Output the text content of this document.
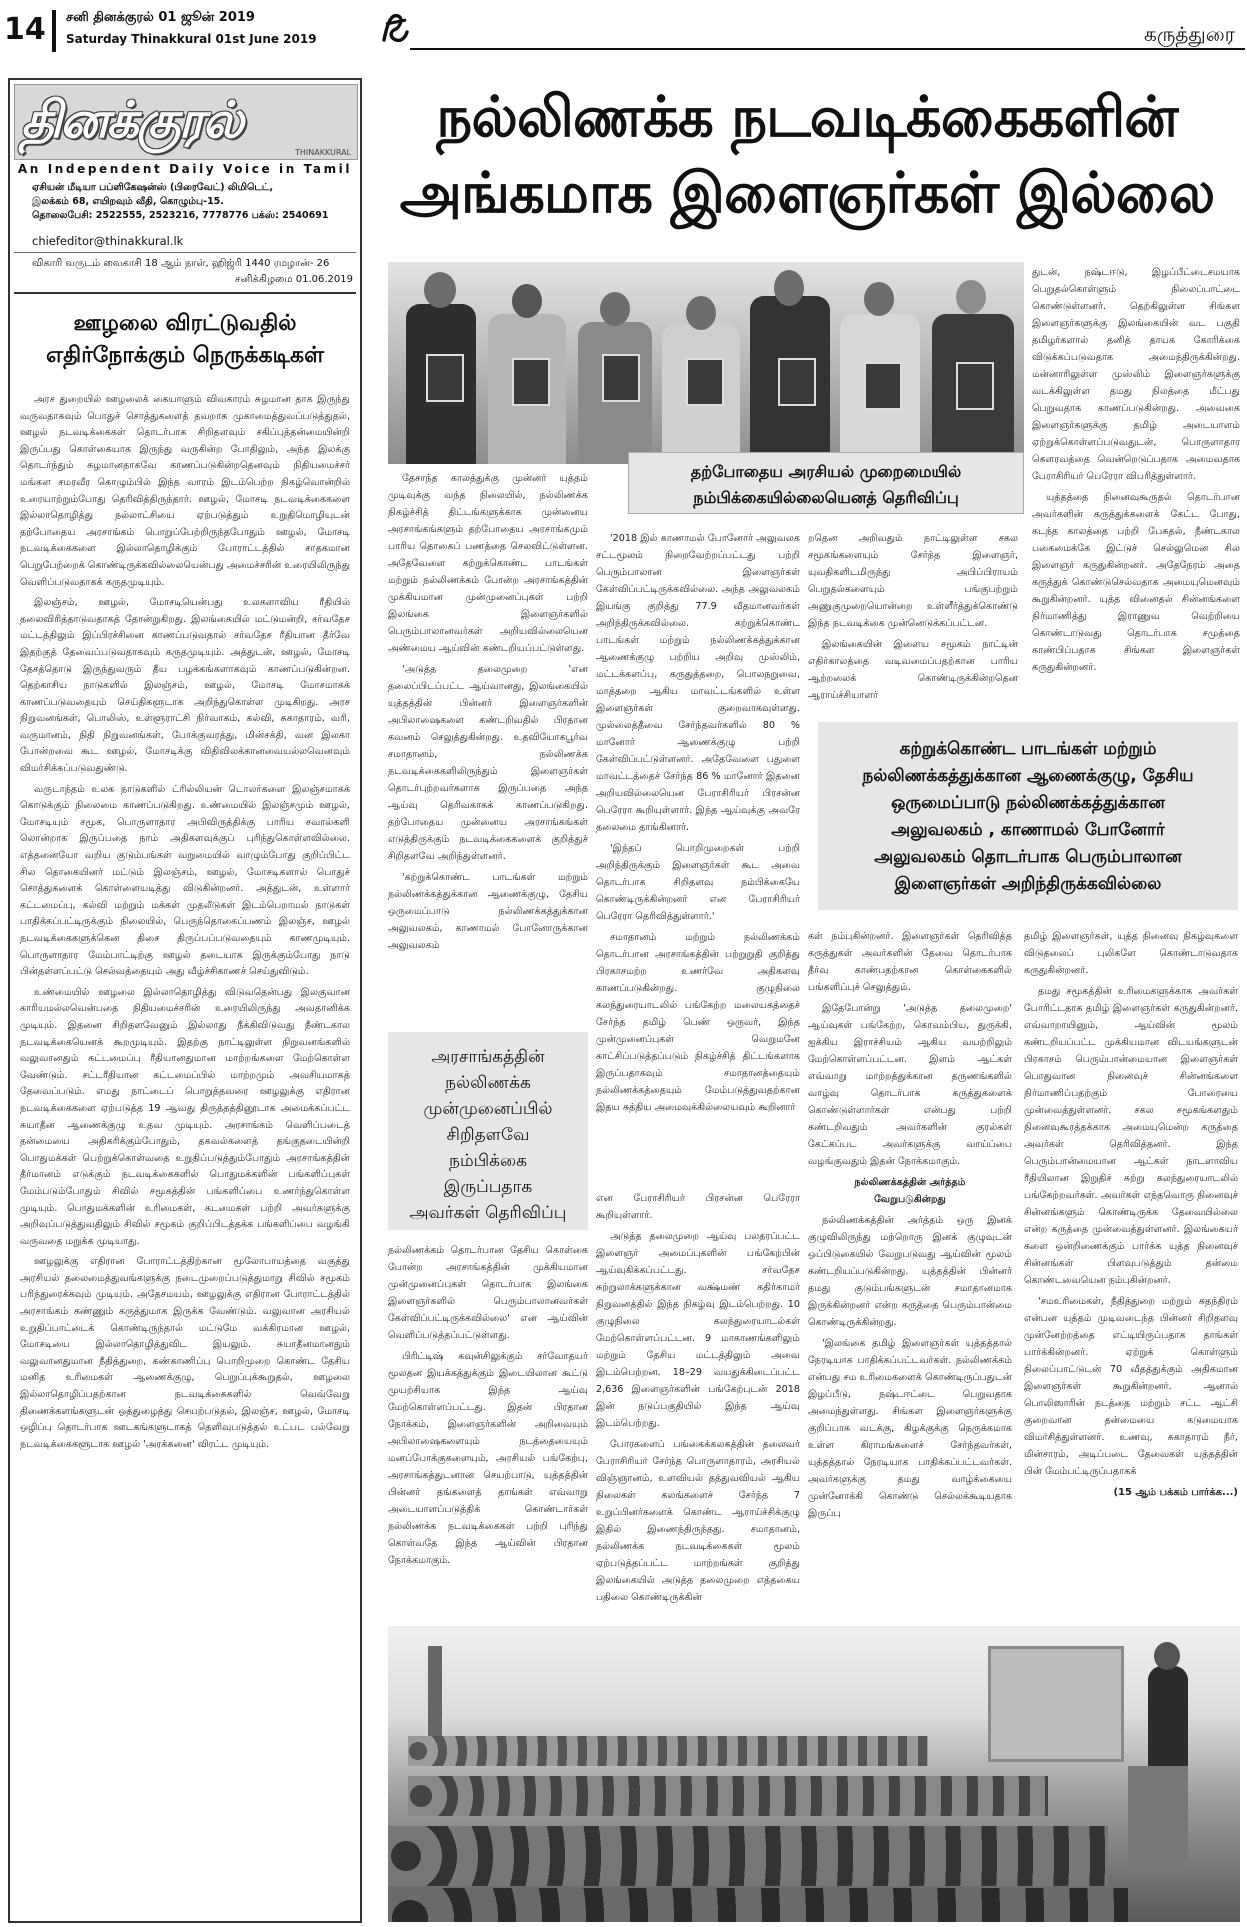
14 சனி தினக்குரல் 01 ஜூன் 2019
Saturday Thinakkural 01st June 2019	கருத்துரை
தினக்குரல்
THINAKKURAL
An Independent Daily Voice in Tamil
ஏசியன் மீடியா பப்ளிகேஷன்ஸ் (பிரைவேட்) லிமிடெட்,
இலக்கம் 68, எயிறவும் வீதி, கொழும்பு-15.
தொலைபேசி: 2522555, 2523216, 7778776 பக்ஸ்: 2540691
chiefeditor@thinakkural.lk
விகாரி வருடம் வைகாசி 18 ஆம் நாள், ஹிஜ்ரி 1440 ரமழான்- 26
சனிக்கிழமை 01.06.2019
ஊழலை விரட்டுவதில்
எதிர்நோக்கும் நெருக்கடிகள்

அரச துறையில் ஊழலைக் கையாளும் விவகாரம் சுழமான தாக இருந்து வருவதாகவும் பொதுச் சொத்துகளைத் தவறாக முகாமைத்துவப்படுத்துதல், ஊழல் நடவடிக்கைகள் தொடர்பாக சிறிதளவும் சகிப்புத்தன்மையின்றி இருப்பது கொள்கையாக இருந்து வருகின்ற போதிலும், அந்த இலக்கு தொடர்ந்தும் சுழமானதாகவே காணப்படுகின்றதெனவும் நிதியமைச்சர் மங்கள சமரவீர கொழும்பில் இந்த வாரம் இடம்பெற்ற நிகழ்வொன்றில் உரையாற்றும்போது தெரிவித்திருந்தார். ஊழல், மோசடி நடவடிக்கைகளை இல்லாதொழித்து நல்லாட்சியை ஏற்படுத்தும் உறுதிமொழியுடன் தற்போதைய அரசாங்கம் பொறுப்பேற்றிருந்தபோதும் ஊழல், மோசடி நடவடிக்கைகளை இல்லாதொழிக்கும் போராட்டத்தில் சாதகமான பெறுபேற்றைக் கொண்டிருக்கவில்லையென்பது அமைச்சரின் உரையிலிருந்து வெளிப்படுவதாகக் கருதமுடியும்.

இலஞ்சம், ஊழல், மோசடியென்பது உலகளாவிய ரீதியில் தலைவிரித்தாடுவதாகத் தோன்றுகிறது. இலங்கையில் மட்டுமன்றி, சர்வதேச மட்டத்திலும் இப்பிரச்சினை காணப்படுவதால் சர்வதேச ரீதியான தீர்வே இதற்குத் தேவைப்படுவதாகவும் கருதமுடியும். அத்துடன், ஊழல், மோசடி தேசத்தொடு இருந்துவரும் தீய பழக்கங்களாகவும் காணப்படுகின்றன. தெற்காசிய நாடுகளில் இலஞ்சம், ஊழல், மோசடி மோசமாகக் காணப்படுவதையும் செய்திகளூடாக அறிந்துகொள்ள முடிகிறது. அரச நிறுவனங்கள், பொலிஸ், உள்ளூராட்சி நிர்வாகம், கல்வி, சுகாதாரம், வரி, வருமானம், நிதி நிறுவனங்கள், போக்குவரத்து, மின்சக்தி, வன இலகா போன்றவை கூட ஊழல், மோசடிக்கு விதிவிலக்கானவையல்லவெனவும் விமர்சிக்கப்படுவதுண்டு.

வருடாந்தம் உலக நாடுகளில் ட்ரில்லியன் டொலர்களை இலஞ்சமாகக் கொடுக்கும் நிலைமை காணப்படுகிறது. உண்மையில் இலஞ்சமும் ஊழல், மோசடியும் சமூக, பொருளாதார அபிவிருத்திக்கு பாரிய சவால்களி லொன்றாக இருப்பதை நாம் அதிகளவுக்குப் புரிந்துகொள்ளவில்லை. எத்தனையோ வறிய குடும்பங்கள் வறுமையில் வாழும்போது குறிப்பிட்ட சில தொகையினர் மட்டும் இலஞ்சம், ஊழல், மோசடிகளால் பொதுச் சொத்துகளைக் கொள்ளையடித்து விடுகின்றனர். அத்துடன், உள்ளார் கட்டமைப்பு, கல்வி மற்றும் மக்கள் முதலீடுகள் இடம்பெறாமல் நாடுகள் பாதிக்கப்பட்டிருக்கும் நிலையில், பெருந்தொகைப்பணம் இலஞ்ச, ஊழல் நடவடிக்கைகளுக்கென திசை திருப்பப்படுவதையும் காணமுடியும். பொருளாதார மேம்பாட்டிற்கு ஊழல் தடையாக இருக்கும்போது நாடு பின்தள்ளப்பட்டு செல்வத்தையும் அது வீழ்ச்சிகாணச் செய்துவிடும்.

உண்மையில் ஊழலை இல்லாதொழித்து விடுவதென்பது இலகுவான காரியமல்லவென்பதை நிதியமைச்சரின் உரையிலிருந்து அவதானிக்க முடியும். இதனை சிறிதளவேனும் இல்லாது நீக்கிவிடுவது நீண்டகால நடவடிக்கையெனக் கூறமுடியும். இதற்கு நாட்டிலுள்ள நிறுவனங்களில் வலுவானதும் கட்டமைப்பு ரீதியானதுமான மாற்றங்களை மேற்கொள்ள வேண்டும். சட்டரீதியான கட்டமைப்பில் மாற்றமும் அவசியமாகத் தேவைப்படும். எமது நாட்டைப் பொறுத்தவரை ஊழலுக்கு எதிரான நடவடிக்கைகளை ஏற்படுத்த 19 ஆவது திருத்தத்தினூடாக அமைக்கப்பட்ட சுயாதீன ஆணைக்குழு உதவ முடியும். அரசாங்கம் வெளிப்படைத் தன்மையை அதிகரிக்கும்போதும், தகவல்களைத் தங்குதடையின்றி பொதுமக்கள் பெற்றுக்கொள்வதை உறுதிப்படுத்தும்போதும் அரசாங்கத்தின் தீர்மானம் எடுக்கும் நடவடிக்கைகளில் பொதுமக்களின் பங்களிப்புகள் மேம்படும்போதும் சிவில் சமூகத்தின் பங்களிப்பை உணர்ந்துகொள்ள முடியும். பொதுமக்களின் உரிமைகள், கடமைகள் பற்றி அவர்களுக்கு அறிவுப்படுத்துவதிலும் சிவில் சமூகம் குறிப்பிடத்தக்க பங்களிப்பை வழங்கி வருவதை மறுக்க முடியாது.

ஊழலுக்கு எதிரான போராட்டத்திற்கான மூலோபாயத்தை வகுத்து அரசியல் தலைமைத்துவங்களுக்கு நடைமுறைப்படுத்துமாறு சிவில் சமூகம் பரிந்துரைக்கவும் முடியும். அதேசமயம், ஊழலுக்கு எதிரான போராட்டத்தில் அரசாங்கம் கண்ணும் கருத்துமாக இருக்க வேண்டும். வலுவான அரசியல் உறுதிப்பாட்டைக் கொண்டிருந்தால் மட்டுமே வக்கிரமான ஊழல், மோசடியை இல்லாதொழித்துவிட இயலும். சுயாதீனமானதும் வலுவானதுமான நீதித்துறை, கண்காணிப்பு பொறிமுறை கொண்ட தேசிய மனித உரிமைகள் ஆணைக்குழு, பெறுப்புக்கூறுதல், ஊழலை இல்லாதொழிப்பதற்கான நடவடிக்கைகளில் வெவ்வேறு திணைக்களங்களுடன் ஒத்துழைத்து செயற்படுதல், இலஞ்ச, ஊழல், மோசடி ஒழிப்பு தொடர்பாக ஊடகங்களுடாகத் தெளிவுபடுத்தல் உட்பட பல்வேறு நடவடிக்கைகளூடாக ஊழல் 'அரக்கனை' விரட்ட முடியும்.

நல்லிணக்க நடவடிக்கைகளின்
அங்கமாக இளைஞர்கள் இல்லை
தற்போதைய அரசியல் முறைமையில்
நம்பிக்கையில்லையெனத் தெரிவிப்பு

துடன், நஷ்டஈடு, இழப்பீட்டைசமயாக பெறுதல்கொள்ளும் நிலைப்பாட்டை கொண்டுள்ளனர். தெற்கிலுள்ள சிங்கள இளைஞர்களுக்கு இலங்கையின் வட பகுதி தமிழர்களால் தனித் தாயக கோரிக்கை விடுக்கப்படுவதாக அமைந்திருக்கின்றது. மன்னாரிலுள்ள முஸ்லிம் இளைஞர்களுக்கு வடக்கிலுள்ள தமது நிலத்தை மீட்பது பெறுவதாக காணப்படுகின்றது. அவைகை இளைஞர்களுக்கு தமிழ் அடையாளம் ஏற்றுக்கொள்ளப்படுவதுடன், பொருளாதார கௌரவத்தை வென்றெடுப்பதாக அமைவதாக பேராசிரியர் பெரேரா விபரித்துள்ளார்.

யுத்தத்தை நினைவுகூருதல் தொடர்பான அவர்களின் கருத்துக்களைக் கேட்ட போது, கடந்த காலத்தை பற்றி பேசுதல், நீண்டகால பகைமைக்கே இட்டுச் செல்லுமென சில இளைஞர் கருதுகின்றனர். அதேநேரம் அதை கருத்துக் கொண்டுசெல்வதாக அமையுமெனவும் கூறுகின்றனர். யுத்த வினைதல் சின்னங்களை நிர்மாணித்து இராணுவ வெற்றியை கொண்டாடுவது தொடர்பாக சமுத்தை காண்பிப்பதாக சிங்கள இளைஞர்கள் கருதுகின்றனர்.

தேசாந்த காலத்துக்கு முன்னர் யுத்தம் முடிவுக்கு வந்த நிலையில், நல்லிணக்க நிகழ்ச்சித் திட்டங்களுக்காக முன்னைய அரசாங்கங்களும் தற்போதைய அரசாங்கமும் பாரிய தொகைப் பணத்தை செலவிட்டுள்ளன. அதேவேளை கற்றுக்கொண்ட பாடங்கள் மற்றும் நல்லிணக்கம் போன்ற அரசாங்கத்தின் முக்கியமான முன்முனைப்புகள் பற்றி இலங்கை இளைஞர்களில் பெரும்பாலானவர்கள் அறியவில்லையென அண்மைய ஆய்வின் கண்டறியப்பட்டுள்ளது.

'அடுத்த தலைமுறை 'என தலைப்பிடப்பட்ட ஆய்வானது, இலங்கையில் யுத்தத்தின் பின்னர் இளைஞர்களின் அபிலாஷைகளை கண்டறிவதில் பிரதான கவனம் செலுத்துகின்றது. உதவியோகபூர்வ சமாதானம், நல்லிணக்க நடவடிக்கைகளிலிருந்தும் இளைஞர்கள் தொடர்புற்றவர்களாக இருப்பதை அந்த ஆய்வு தெரிவகாகக் காணப்படுகிறது. தற்போதைய முன்னைய அரசாங்கங்கள் எடுத்திருக்கும் நடவடிக்கைகளைக் குறித்துச் சிறிதளவே அறிந்துள்ளனர்.

'கற்றுக்கொண்ட பாடங்கள் மற்றும் நல்லிணக்கத்துக்கான ஆணைக்குழு, தேசிய ஒருமைப்பாடு நல்லிணக்கத்துக்கான அலுவலகம், காணாமல் போனோருக்கான அலுவலகம்

'2018 இல் காணாமல் போனோர் அலுவலக சட்டமூலம் நிறைவேற்றப்பட்டது பற்றி பெரும்பாலான இளைஞர்கள் கேள்விப்பட்டிருக்கவில்லை. அந்த அலுவலகம் இயங்கு குறித்து 77.9 வீதமானவர்கள் அறிந்திருக்கவில்லை. கற்றுக்கொண்ட பாடங்கள் மற்றும் நல்லிணக்கத்துக்கான ஆணைக்குழு பற்றிய அறிவு முஸ்லிம், மட்டக்களப்பு, கருதுத்தறை, பொலநறுவை, மாத்தறை ஆகிய மாவட்டங்களில் உள்ள இளைஞர்கள் குறைவாகவுள்ளது. முல்லைத்தீவை சேர்ந்தவர்களில் 80 % மானோர் ஆணைக்குழு பற்றி கேள்விப்பட்டுள்ளனர். அதேவேளை பதுளை மாவட்டத்தைச் சேர்ந்த 86 % மானோர் இதனை அறியவில்லையென பேராசிரியர் பிரசன்ன பெரேரா கூறியுள்ளார். இந்த ஆய்வுக்கு அவரே தலைமை தாங்கினார்.

'இந்தப் பொறிமுறைகள் பற்றி அறிந்திருக்கும் இளைஞர்கள் கூட அவை தொடர்பாக சிறிதளவு நம்பிக்கையே கொண்டிருக்கின்றனர் என பேராசிரியர் பெரேரா தெரிவித்துள்ளார்.'

சமாதானம் மற்றும் நல்லிணக்கம் தொடர்பான அரசாங்கத்தின் பற்றுறுதி குறித்து பிரகாசமற்ற உணர்வே அதிகளவு காணப்படுகின்றது. குழுநிலை கலந்துரையாடலில் பங்கேற்ற மலையகத்தைச் சேர்ந்த தமிழ் பெண் ஒருவர், இந்த முன்முனைப்புகள் வெறுமனே காட்சிப்படுத்தப்படும் நிகழ்ச்சித் திட்டங்களாக இருப்பதாகவும் சமாதானத்தையும் நல்லிணக்கத்தையும் மேம்படுத்துவதற்கான இதய சுத்திய அமைவுக்கில்லையவும் கூறினார்

றதென அறிவதும் நாட்டிலுள்ள சகல சமூகங்களையும் சேர்ந்த இளைஞர், யுவதிகளிடமிருந்து அபிப்பிராயம் பெறுதல்களையும் பங்குபற்றும் அணுகுமுறையொன்றை உள்ளீர்த்துக்கொண்டு இந்த நடவடிக்கை முன்னெடுக்கப்பட்டன.

இலங்கையின் இளைய சமூகம் நாட்டின் எதிர்காலத்தை வடிவமைப்பதற்கான பாரிய ஆற்றலைக் கொண்டிருக்கின்றதென ஆராய்ச்சியாளர்

கற்றுக்கொண்ட பாடங்கள் மற்றும்
நல்லிணக்கத்துக்கான ஆணைக்குழு, தேசிய
ஒருமைப்பாடு நல்லிணக்கத்துக்கான
அலுவலகம் , காணாமல் போனோர்
அலுவலகம் தொடர்பாக பெரும்பாலான
இளைஞர்கள் அறிந்திருக்கவில்லை
அரசாங்கத்தின்
நல்லிணக்க
முன்முனைப்பில்
சிறிதளவே
நம்பிக்கை
இருப்பதாக
அவர்கள் தெரிவிப்பு

நல்லிணக்கம் தொடர்பான தேசிய கொள்கை போன்ற அரசாங்கத்தின் முக்கியமான முன்முனைப்புகள் தொடர்பாக இலங்கை இளைஞர்களில் பெரும்பாலானவர்கள் கேள்விப்பட்டிருக்கவில்லை' என ஆய்வின் வெளிப்படுத்தப்பட்டுள்ளது.

பிரிட்டிஷ் கவுன்சிலுக்கும் சர்வோதயர் மூலதன இயக்கத்துக்கும் இடையிலான கூட்டு முயற்சியாக இந்த ஆய்வு மேற்கொள்ளப்பட்டது. இதன் பிரதான நோக்கம், இளைஞர்களின் அறிவையும் அபிலாஷைகளையும் நடத்தையையும் மனப்போக்குகளையும், அரசியல் பங்கேற்பு, அரசாங்கத்துடனான செயற்பாடு, யுத்தத்தின் பின்னர் தங்களைத் தாங்கள் எவ்வாறு அடையாளப்படுத்திக் கொண்டார்கள் நல்லிணக்க நடவடிக்கைகள் பற்றி புரிந்து கொள்வதே இந்த ஆய்வின் பிரதான நோக்கமாகும்.

என பேராசிரியர் பிரசன்ன பெரேரா கூறியுள்ளார்.

அடுத்த தலைமுறை ஆய்வு பலதரப்பட்ட இளைஞர் அமைப்புகளின் பங்கேற்பின் ஆய்வுகிக்கப்பட்டது. சர்வதேச சுற்றுலாக்களுக்கான வக்ஷ்மண் கதிர்காமர் நிறுவனத்தில் இந்த நிகழ்வு இடம்பெற்றது. 10 குழுநிலை கலந்துரையாடல்கள் மேற்கொள்ளப்பட்டன. 9 மாகாணங்களிலும் மற்றும் தேசிய மட்டத்திலும் அவை இடம்பெற்றன. 18–29 வயதுக்கிடைப்பட்ட 2,636 இளைஞர்களின் பங்கேற்புடன் 2018 இன் நடுப்பகுதியில் இந்த ஆய்வு இடம்பெற்றது.

போரகளைப் பங்கைக்கலகத்தின் தலைவர் பேராசிரியர் சேர்ந்த பொருளாதாரம், அரசியல் விஞ்ஞானம், உளவியல் தத்துவவியல் ஆகிய நிலைகள் கலங்களைச் சேர்ந்த 7 உறுப்பினர்களைக் கொண்ட ஆராய்ச்சிக்குழு இதில் இணைந்திருந்தது. சமாதானம், நல்லிணக்க நடவடிக்கைகள் மூலம் ஏற்படுத்தப்பட்ட மாற்றங்கள் குறித்து இலங்கையில் அடுத்த தலைமுறை எத்தகைய பதிலை கொண்டிருக்கின்

கள் நம்புகின்றனர். இளைஞர்கள் தெரிவித்த கருத்துகள் அவர்களின் தேவை தொடர்பாக தீர்வு காண்பதற்கான கொள்கைகளில் பங்களிப்புச் செலுத்தும்.

இதேபோன்று 'அடுத்த தலைமுறை' ஆய்வுகள் பங்கேற்ற, கொவம்பிய, துருக்கி, ஐக்கிய இராச்சியம் ஆகிய வயற்றிலும் மேற்கொள்ளப்பட்டன. இளம் ஆட்கள் எவ்வாறு மாற்றத்துக்கான தருணங்களில் வாழ்வு தொடர்பாக கருத்துகளைக் கொண்டுள்ளார்கள் என்பது பற்றி கண்டறிவதும் அவர்களின் குரல்கள் கேட்கப்பட அவர்களுக்கு வாய்ப்பை வழங்குவதும் இதன் நோக்கமாகும்.

நல்லிணக்கத்தின் அர்த்தம்
வேறுபடுகின்றது

நல்லிணக்கத்தின் அர்த்தம் ஒரு இனக் குழுவிலிருந்து மற்றொரு இனக் குழுவுடன் ஒப்பிடுகையில் வேறுபடுவது ஆய்வின் மூலம் கண்டறியப்படுகின்றது. யுத்தத்தின் பின்னர் தமது குடும்பங்களுடன் சமாதானமாக இருக்கின்றனர் என்ற கருத்தை பெரும்பான்மை கொண்டிருக்கின்றது.

'இலங்கை தமிழ் இளைஞர்கள் யுத்தத்தால் நேரடியாக பாதிக்கப்பட்டவர்கள். நல்லிணக்கம் என்பது சம உரிமைகளைக் கொண்டிருப்பதுடன் இழப்பீடு, நஷ்டஈட்டை பெறுவதாக அமைந்துள்ளது. சிங்கள இளைஞர்களுக்கு குறிப்பாக வடக்கு, கிழக்குக்கு நெருக்கமாக உள்ள கிராமங்களைச் சேர்ந்தவர்கள், யுத்தத்தால் நேரடியாக பாதிக்கப்பட்டவர்கள். அவர்களுக்கு தமது வாழ்க்கையை முன்னோக்கி கொண்டு செல்லக்கூடியதாக இருப்பு

தமிழ் இளைஞர்கள், யுத்த நினைவு நிகழ்வுகளை விடுதலைப் புலிகளே கொண்டாடுவதாக கருதுகின்றனர்.

தமது சமூகத்தின் உரிமைகளுக்காக அவர்கள் போரிட்டதாக தமிழ் இளைஞர்கள் கருதுகின்றனர். எவ்வாறாயினும், ஆய்வின் மூலம் கண்டறியப்பட்ட முக்கியமான விடயங்களுடன் பிரகாசம் பெரும்பான்மையான இளைஞர்கள் பொதுவான நினைவுச் சின்னங்களை நிர்மாணிப்பதற்கும் போரையை முன்வைத்துள்ளனர். சகல சமூகங்களதும் நினைவுகூரத்தக்காக அமையுமென்ற கருத்தை அவர்கள் தெரிவித்தனர். இந்த பெரும்பான்மையான ஆட்கள் நாடளாவிய ரீதியிலான இறுதிச் சுற்று கலந்துரையாடலில் பங்கேற்றவர்கள். அவர்கள் எந்தவொரு நினைவுச் சின்னங்களும் கொண்டிருக்க தேவையில்லை என்ற கருத்தை முன்வைத்துள்ளனர். இலங்கையர் களை ஒன்றிணைக்கும் பார்க்க யுத்த நினைவுச் சின்னங்கள் பிளவுபடுத்தும் தன்மை கொண்டவையென நம்புகின்றனர்.

'சமஉரிமைகள், நீதித்துறை மற்றும் சுதந்திரம் என்பன யுத்தம் முடிவடைந்த பின்னர் சிறிதளவு முன்னேற்றத்தை எட்டியிருப்பதாக தாங்கள் பார்க்கின்றனர். ஏற்றுக் கொள்ளும் நிலைப்பாட்டுடன் 70 வீதத்துக்கும் அதிகமான இளைஞர்கள் கூறுகின்றனர். ஆனால் பொலிஸாரின் நடத்தை மற்றும் சட்ட ஆட்சி குறைவான தன்மையை கடுமையாக விமர்சித்துள்ளனர். உணவு, சுகாதாரம் நீர், மின்சாரம், அடிப்படை தேவைகள் யுத்தத்தின் பின் மேம்பட்டிருப்பதாகக்

(15 ஆம் பக்கம் பார்க்க...)
